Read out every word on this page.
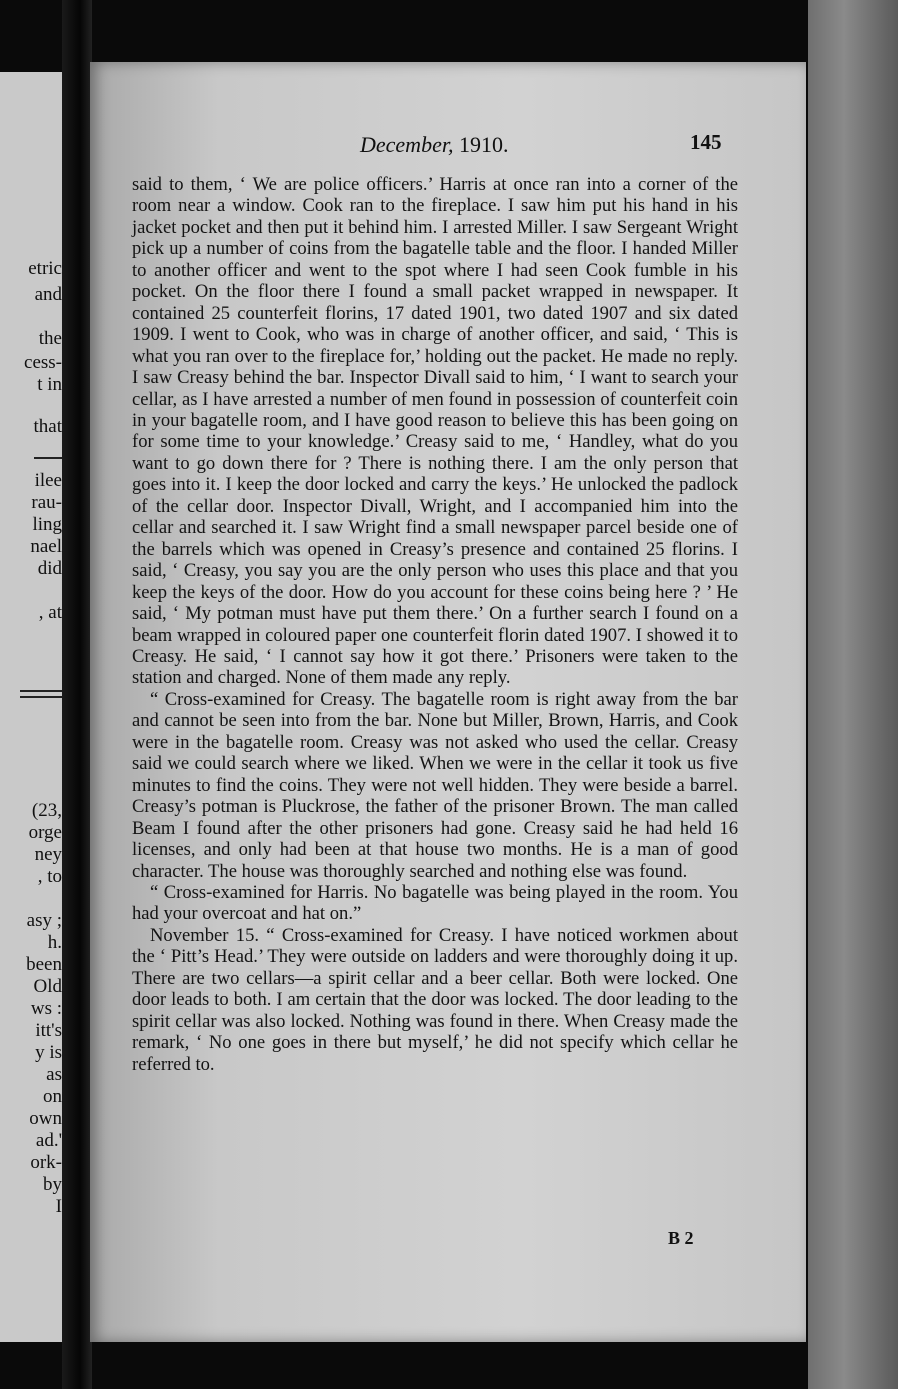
etric
and
the
cess-
t in
that
ilee
rau-
ling
nael
did
, at
(23,
orge
ney
, to
asy ;
h.
been
Old
ws :
itt's
y is
as
on
own
ad.'
ork-
by
I
December, 1910.	145

said to them, ‘ We are police officers.’ Harris at once ran into a corner of the room near a window. Cook ran to the fireplace. I saw him put his hand in his jacket pocket and then put it behind him. I arrested Miller. I saw Sergeant Wright pick up a number of coins from the bagatelle table and the floor. I handed Miller to another officer and went to the spot where I had seen Cook fumble in his pocket. On the floor there I found a small packet wrapped in newspaper. It contained 25 counterfeit florins, 17 dated 1901, two dated 1907 and six dated 1909. I went to Cook, who was in charge of another officer, and said, ‘ This is what you ran over to the fireplace for,’ holding out the packet. He made no reply. I saw Creasy behind the bar. Inspector Divall said to him, ‘ I want to search your cellar, as I have arrested a number of men found in possession of counterfeit coin in your bagatelle room, and I have good reason to believe this has been going on for some time to your knowledge.’ Creasy said to me, ‘ Handley, what do you want to go down there for ? There is nothing there. I am the only person that goes into it. I keep the door locked and carry the keys.’ He unlocked the padlock of the cellar door. Inspector Divall, Wright, and I accompanied him into the cellar and searched it. I saw Wright find a small newspaper parcel beside one of the barrels which was opened in Creasy’s presence and contained 25 florins. I said, ‘ Creasy, you say you are the only person who uses this place and that you keep the keys of the door. How do you account for these coins being here ? ’ He said, ‘ My potman must have put them there.’ On a further search I found on a beam wrapped in coloured paper one counterfeit florin dated 1907. I showed it to Creasy. He said, ‘ I cannot say how it got there.’ Prisoners were taken to the station and charged. None of them made any reply.

“ Cross-examined for Creasy. The bagatelle room is right away from the bar and cannot be seen into from the bar. None but Miller, Brown, Harris, and Cook were in the bagatelle room. Creasy was not asked who used the cellar. Creasy said we could search where we liked. When we were in the cellar it took us five minutes to find the coins. They were not well hidden. They were beside a barrel. Creasy’s potman is Pluckrose, the father of the prisoner Brown. The man called Beam I found after the other prisoners had gone. Creasy said he had held 16 licenses, and only had been at that house two months. He is a man of good character. The house was thoroughly searched and nothing else was found.

“ Cross-examined for Harris. No bagatelle was being played in the room. You had your overcoat and hat on.”

November 15. “ Cross-examined for Creasy. I have noticed workmen about the ‘ Pitt’s Head.’ They were outside on ladders and were thoroughly doing it up. There are two cellars—a spirit cellar and a beer cellar. Both were locked. One door leads to both. I am certain that the door was locked. The door leading to the spirit cellar was also locked. Nothing was found in there. When Creasy made the remark, ‘ No one goes in there but myself,’ he did not specify which cellar he referred to.

B 2
